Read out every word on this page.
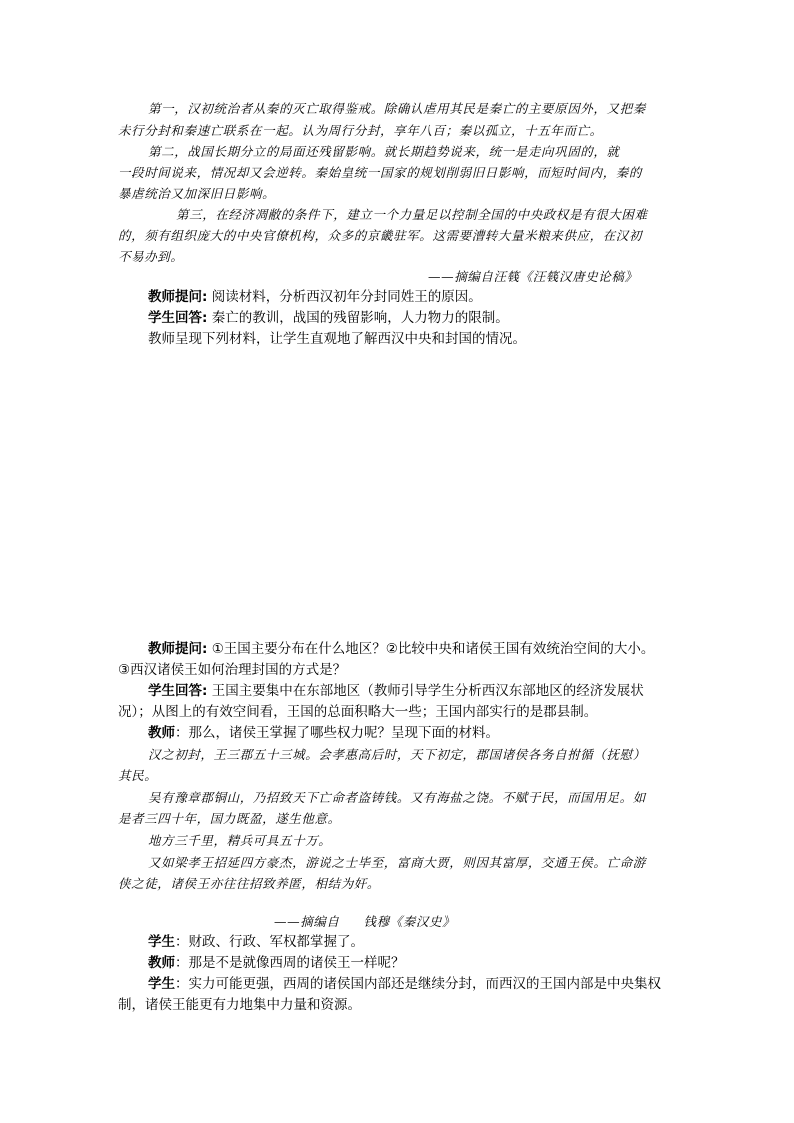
第一，汉初统治者从秦的灭亡取得鉴戒。除确认虐用其民是秦亡的主要原因外，又把秦
未行分封和秦速亡联系在一起。认为周行分封，享年八百；秦以孤立，十五年而亡。
第二，战国长期分立的局面还残留影响。就长期趋势说来，统一是走向巩固的，就
一段时间说来，情况却又会逆转。秦始皇统一国家的规划削弱旧日影响，而短时间内，秦的
暴虐统治又加深旧日影响。
第三，在经济凋敝的条件下，建立一个力量足以控制全国的中央政权是有很大困难
的，须有组织庞大的中央官僚机构，众多的京畿驻军。这需要漕转大量米粮来供应，在汉初
不易办到。
——摘编自汪篯《汪篯汉唐史论稿》
教师提问: 阅读材料，分析西汉初年分封同姓王的原因。
学生回答: 秦亡的教训，战国的残留影响，人力物力的限制。
教师呈现下列材料，让学生直观地了解西汉中央和封国的情况。
教师提问: ①王国主要分布在什么地区？②比较中央和诸侯王国有效统治空间的大小。
③西汉诸侯王如何治理封国的方式是？
学生回答: 王国主要集中在东部地区（教师引导学生分析西汉东部地区的经济发展状
况）；从图上的有效空间看，王国的总面积略大一些；王国内部实行的是郡县制。
教师：那么，诸侯王掌握了哪些权力呢？呈现下面的材料。
汉之初封，王三郡五十三城。会孝惠高后时，天下初定，郡国诸侯各务自拊循（抚慰）
其民。
吴有豫章郡铜山，乃招致天下亡命者盗铸钱。又有海盐之饶。不赋于民，而国用足。如
是者三四十年，国力既盈，遂生他意。
地方三千里，精兵可具五十万。
又如梁孝王招延四方豪杰，游说之士毕至，富商大贾，则因其富厚，交通王侯。亡命游
侠之徒，诸侯王亦往往招致养匿，相结为奸。
——摘编自 钱穆《秦汉史》
学生：财政、行政、军权都掌握了。
教师：那是不是就像西周的诸侯王一样呢？
学生：实力可能更强，西周的诸侯国内部还是继续分封，而西汉的王国内部是中央集权
制，诸侯王能更有力地集中力量和资源。
